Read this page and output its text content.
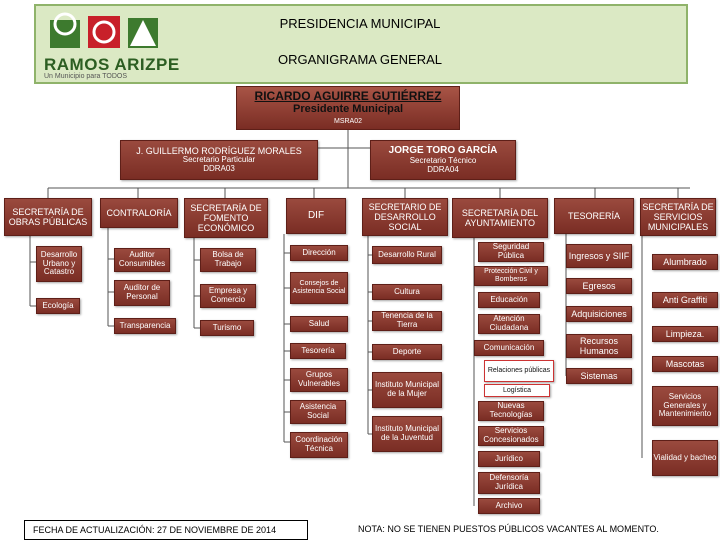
RAMOS ARIZPE
Un Municipio para TODOS
PRESIDENCIA MUNICIPAL
ORGANIGRAMA GENERAL
RICARDO AGUIRRE GUTIÉRREZ
Presidente Municipal
MSRA02
J. GUILLERMO RODRÍGUEZ MORALES
Secretario Particular
DDRA03
JORGE TORO GARCÍA
Secretario Técnico
DDRA04
SECRETARÍA DE OBRAS PÚBLICAS
CONTRALORÍA
SECRETARÍA DE FOMENTO ECONÓMICO
DIF
SECRETARIO DE DESARROLLO SOCIAL
SECRETARÍA DEL AYUNTAMIENTO
TESORERÍA
SECRETARÍA DE SERVICIOS MUNICIPALES
Desarrollo Urbano y Catastro
Ecología
Auditor Consumibles
Auditor de Personal
Transparencia
Bolsa de Trabajo
Empresa y Comercio
Turismo
Dirección
Consejos de Asistencia Social
Salud
Tesorería
Grupos Vulnerables
Asistencia Social
Coordinación Técnica
Desarrollo Rural
Cultura
Tenencia de la Tierra
Deporte
Instituto Municipal de la Mujer
Instituto Municipal de la Juventud
Seguridad Pública
Protección Civil y Bomberos
Educación
Atención Ciudadana
Comunicación
Relaciones públicas
Logística
Nuevas Tecnologías
Servicios Concesionados
Jurídico
Defensoría Jurídica
Archivo
Ingresos y SIIF
Egresos
Adquisiciones
Recursos Humanos
Sistemas
Alumbrado
Anti Graffiti
Limpieza.
Mascotas
Servicios Generales y Mantenimiento
Vialidad y bacheo
FECHA DE ACTUALIZACIÓN: 27 DE NOVIEMBRE DE 2014	NOTA: NO SE TIENEN PUESTOS PÚBLICOS VACANTES AL MOMENTO.
